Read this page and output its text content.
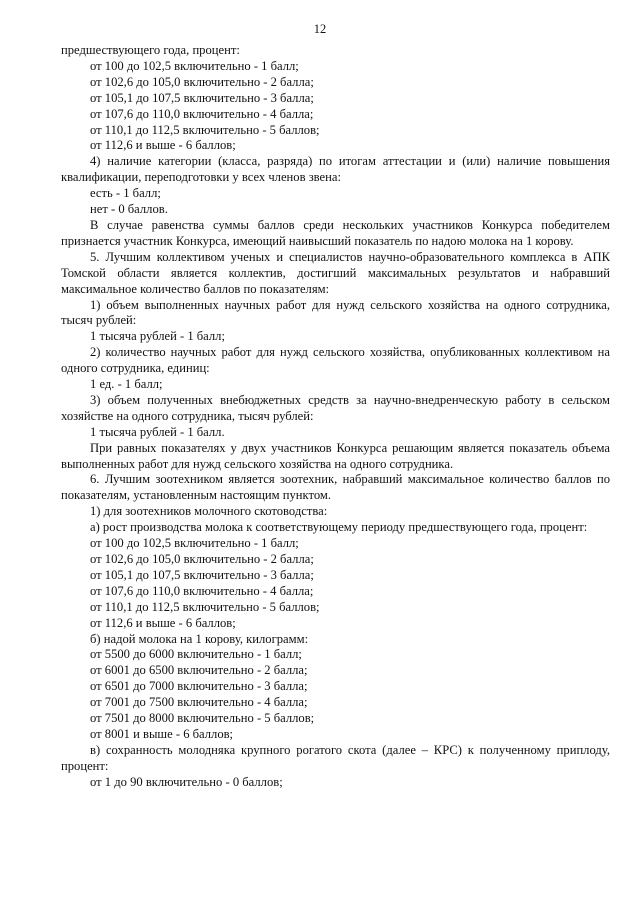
12

предшествующего года, процент:

от 100 до 102,5 включительно - 1 балл;

от 102,6 до 105,0 включительно - 2 балла;

от 105,1 до 107,5 включительно - 3 балла;

от 107,6 до 110,0 включительно - 4 балла;

от 110,1 до 112,5 включительно - 5 баллов;

от 112,6 и выше - 6 баллов;

4) наличие категории (класса, разряда) по итогам аттестации и (или) наличие повышения квалификации, переподготовки у всех членов звена:

есть - 1 балл;

нет - 0 баллов.

В случае равенства суммы баллов среди нескольких участников Конкурса победителем признается участник Конкурса, имеющий наивысший показатель по надою молока на 1 корову.

5. Лучшим коллективом ученых и специалистов научно-образовательного комплекса в АПК Томской области является коллектив, достигший максимальных результатов и набравший максимальное количество баллов по показателям:

1) объем выполненных научных работ для нужд сельского хозяйства на одного сотрудника, тысяч рублей:

1 тысяча рублей - 1 балл;

2) количество научных работ для нужд сельского хозяйства, опубликованных коллективом на одного сотрудника, единиц:

1 ед. - 1 балл;

3) объем полученных внебюджетных средств за научно-внедренческую работу в сельском хозяйстве на одного сотрудника, тысяч рублей:

1 тысяча рублей - 1 балл.

При равных показателях у двух участников Конкурса решающим является показатель объема выполненных работ для нужд сельского хозяйства на одного сотрудника.

6. Лучшим зоотехником является зоотехник, набравший максимальное количество баллов по показателям, установленным настоящим пунктом.

1) для зоотехников молочного скотоводства:

а) рост производства молока к соответствующему периоду предшествующего года, процент:

от 100 до 102,5 включительно - 1 балл;

от 102,6 до 105,0 включительно - 2 балла;

от 105,1 до 107,5 включительно - 3 балла;

от 107,6 до 110,0 включительно - 4 балла;

от 110,1 до 112,5 включительно - 5 баллов;

от 112,6 и выше - 6 баллов;

б) надой молока на 1 корову, килограмм:

от 5500 до 6000 включительно - 1 балл;

от 6001 до 6500 включительно - 2 балла;

от 6501 до 7000 включительно - 3 балла;

от 7001 до 7500 включительно - 4 балла;

от 7501 до 8000 включительно - 5 баллов;

от 8001 и выше - 6 баллов;

в) сохранность молодняка крупного рогатого скота (далее – КРС) к полученному приплоду, процент:

от 1 до 90 включительно - 0 баллов;
